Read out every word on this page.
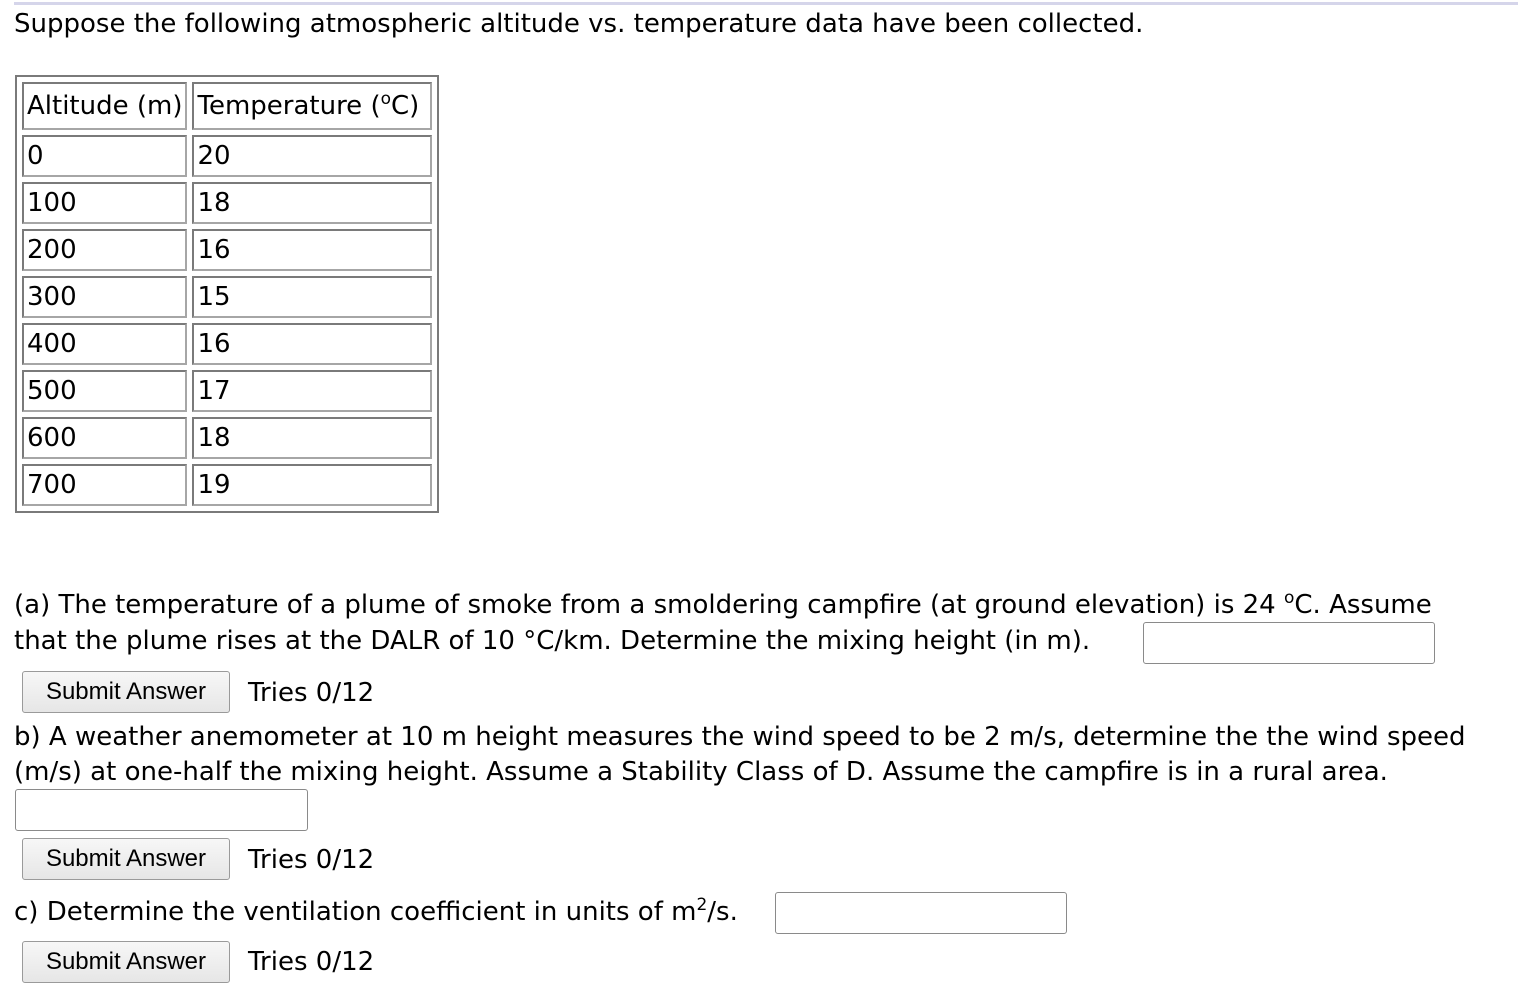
Suppose the following atmospheric altitude vs. temperature data have been collected.
Altitude (m)	Temperature ($^o$C)
0	20
100	18
200	16
300	15
400	16
500	17
600	18
700	19
(a) The temperature of a plume of smoke from a smoldering campfire (at ground elevation) is 24 $^o$C. Assume
that the plume rises at the DALR of 10 °C/km. Determine the mixing height (in m).
Submit Answer	Tries 0/12
b) A weather anemometer at 10 m height measures the wind speed to be 2 m/s, determine the the wind speed
(m/s) at one-half the mixing height. Assume a Stability Class of D. Assume the campfire is in a rural area.
Submit Answer	Tries 0/12
c) Determine the ventilation coefficient in units of $m^2/s$.
Submit Answer	Tries 0/12
